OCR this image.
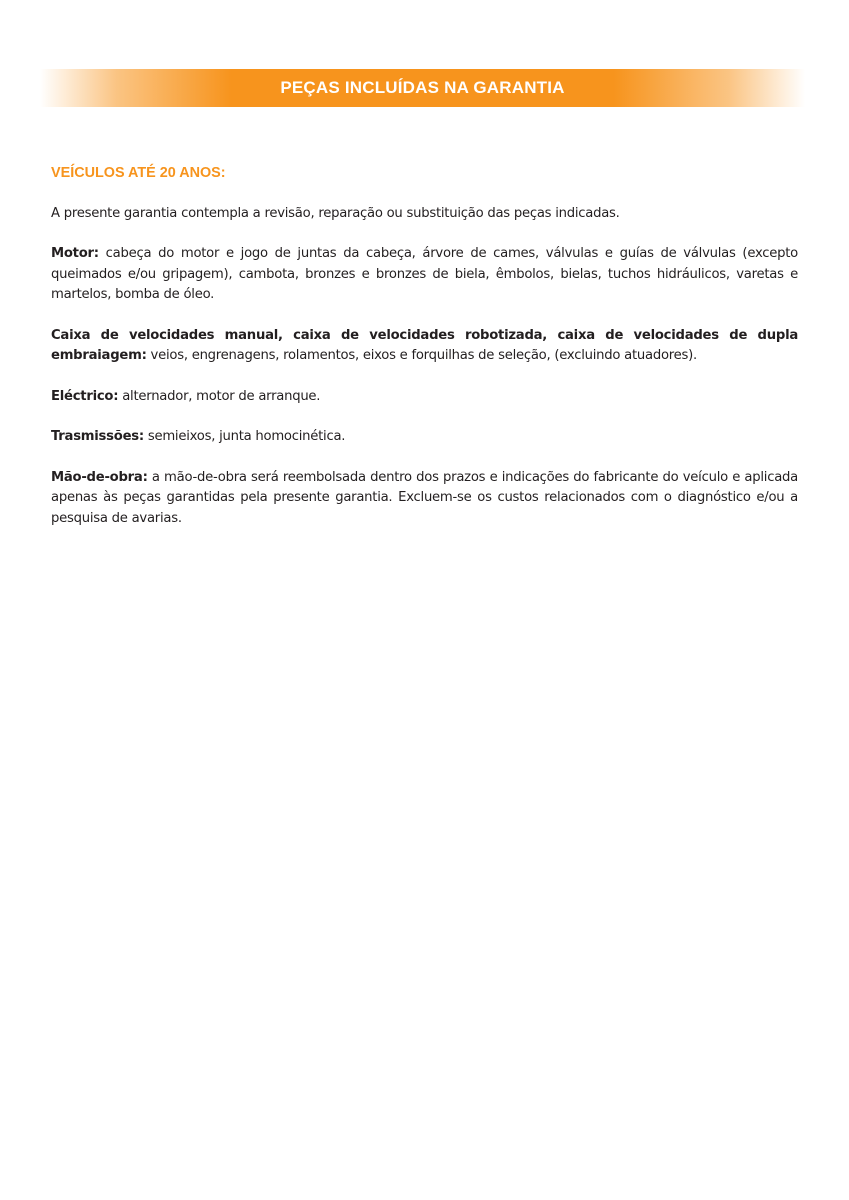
PEÇAS INCLUÍDAS NA GARANTIA
VEÍCULOS ATÉ 20 ANOS:

A presente garantia contempla a revisão, reparação ou substituição das peças indicadas.

Motor: cabeça do motor e jogo de juntas da cabeça, árvore de cames, válvulas e guías de válvulas (excepto queimados e/ou gripagem), cambota, bronzes e bronzes de biela, êmbolos, bielas, tuchos hidráulicos, varetas e martelos, bomba de óleo.

Caixa de velocidades manual, caixa de velocidades robotizada, caixa de velocidades de dupla embraiagem: veios, engrenagens, rolamentos, eixos e forquilhas de seleção, (excluindo atuadores).

Eléctrico: alternador, motor de arranque.

Trasmissões: semieixos, junta homocinética.

Mão-de-obra: a mão-de-obra será reembolsada dentro dos prazos e indicações do fabricante do veículo e aplicada apenas às peças garantidas pela presente garantia. Excluem-se os custos relacionados com o diagnóstico e/ou a pesquisa de avarias.
